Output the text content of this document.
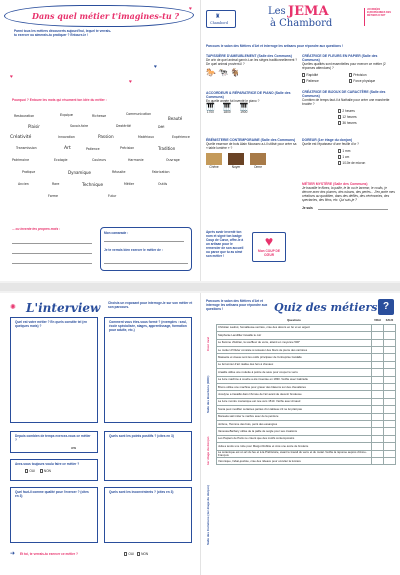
Dans quel métier t'imagines-tu ?
♥
♥
♥
♥
Parmi tous les métiers découverts aujourd'hui, lequel te verrais-tu exercer ou aimerais-tu pratiquer ? Entoure-le !
Pourquoi ? Entoure les mots qui résument ton idée du métier :
Restauration	Equipe	Richesse	Communication
Beauté
Plaisir	Savoir-faire	Dextérité	Défi
Créativité	Innovation	Passion	Matériaux	Expérience
Transmission	Art	Patience	Précision	Tradition
Patrimoine	Ecologie	Couleurs	Harmonie	Ouvrage
Pratique	Dynamique	Réussite	Fabrication
Ancien	Rare	Technique	Métier	Outils
Forme	Futur
... ou invente tes propres mots :
Mon camarade :
Je te verrais bien exercer le métier de :
♜
Chambord
Les JEMA
à Chambord
JOURNÉES EUROPÉENNES DES MÉTIERS D'ART
Parcours le salon des Métiers d'Art et interroge les artisans pour répondre aux questions !
TAPISSIÈRE D'AMEUBLEMENT (Salle des Communs)
De crin de quel animal garnir-t-on les sièges traditionnellement ? De quel animal provient-il ?
🐎 🐄 🐐
ACCORDEUR & RÉPARATRICE DE PIANO (Salle des Communs)
En quelle année fut inventé le piano ?
🎹
1700
🎹
1800
🎹
1900
ÉBÉNISTERIE CONTEMPORAINE (Salle des Communs)
Quelle essence de bois Alain Moussec a-t-il utilisé pour créer sa « table lumière » ?
Chêne	Noyer	Orme
Après avoir inventé ton nom et signé ton badge Coup de Cœur, offre-le à un artisan pour le remercier de son accueil ou parce que tu as aimé son métier !
♥
Mon COUP DE CŒUR
CRÉATRICE DE FLEURS EN PAPIER (Salle des Communs)
Quelles qualités sont essentielles pour exercer ce métier (2 réponses attendues) ?
Rapidité	Précision
Patience	Force physique
CRÉATRICE DE BIJOUX DE CARACTÈRE (Salle des Communs)
Combien de temps faut-il à Nathalie pour créer une marchette brodée ?
2 heures
12 heures
36 heures
DOREUR (1er étage du donjon)
Quelle est l'épaisseur d'une feuille d'or ?
1 mm
1 cm
1/10e de micron
MÉTIER MYSTÈRE (Salle des Communs)
Je travaille le fibres, la paille, le lin ou le laceron, le coulis, je décore avec des plumes, des rubans, des perles... J'en porte mes créations au quotidien, dans des défilés, des cérémonies, des spectacles, des films, etc. Qui suis-je ?
Je suis
✺ L'interview Choisis un exposant pour interroge-le sur son métier et son parcours.
Quel est votre métier ? En quels constite tel (en quelques mots) ?
Comment vous êtes-vous formé ? (exemples : seul, école spécialisée, stages, apprentissage, formation pour adulte, etc.)
Depuis combien de temps exercez-vous ce métier ?
ans
Avez-vous toujours voulu faire ce métier ?
OUI	NON
Quel faut-il comme qualité pour l'exercer ? (cites en 3)
Quels sont les points positifs ? (cites en 3)
Quels sont les inconvénients ? (cites en 3)
➜ Et toi, te verrais-tu exercer ce métier ?	OUI NON
Parcours le salon des Métiers d'Art et interroge les artisans pour répondre aux questions !	Quiz des métiers ?
Cour oval
Salle des Bourbons (RDC)
1er étage du donjon
Salle des Communs (1er étage du donjon)
Questions	VRAI	FAUX
Christian Laubut, l'émailleuse-verrière, crée des décors en fer et en argent		
Stéphanie Landillier travaille le cuir		
Le flamme d'Adrian, la souffleur de verre, atteint en moyenne 500°		
Le métier d'Olivier consiste à restaurer des blocs de pierre des carrières		
Massette et ciseau sont les outils principaux de l'entreprise Guidalle		
Le ferronnier d'art réalise des fers à chevaux		
Anaëlle utilise une roulette à pointe de sève pour couper le verre		
La 1ère machine à coudre a été inventée en 1830. Vérifie avec Gabrielle		
Bruno utilise une machine pour graver des blasons sur des chevalières		
Jocelyne a travaillé dans l'Armée de l'air avant de devenir brodeuse		
La 1ère montre mécanique est née vers 1510. Vérifie avec Arnaud		
Sonia peut modifier certaines parties d'un tableau s'il ne lui plait pas		
Manuela sait imiter le marbre avec de la peinture		
Jérôme, l'homme des bois, peint des essangres		
Vanessa-Barbary utilise de la paille de seigle pour ses créations		
Les Papiers de Paris ne créent que des motifs contemporains		
Julia a tendu une robe pour Margot Robbie et créé une école de broderie		
La céramique est un art du feu et à la Préhistoire, avant le travail du verre et du métal. Vérifie la réponse auprès d'Anne-François		
Véronique, l'abat-jouriste, crée des rideaux pour occulter la lumière		
